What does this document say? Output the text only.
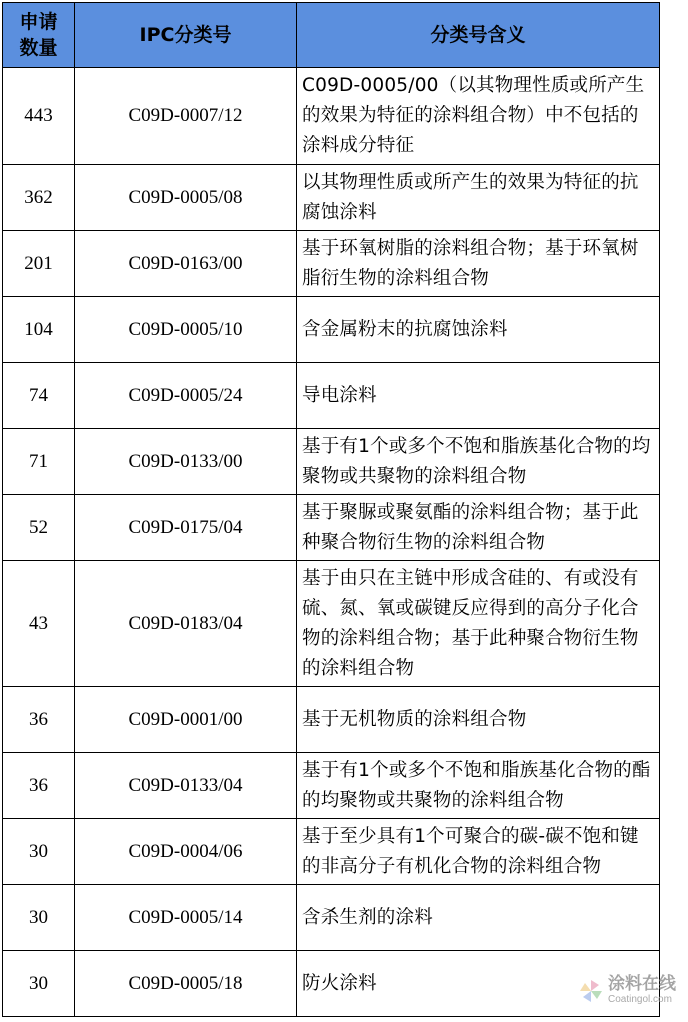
申请
数量	IPC分类号	分类号含义
443	C09D-0007/12	C09D-0005/00（以其物理性质或所产生的效果为特征的涂料组合物）中不包括的涂料成分特征
362	C09D-0005/08	以其物理性质或所产生的效果为特征的抗腐蚀涂料
201	C09D-0163/00	基于环氧树脂的涂料组合物；基于环氧树脂衍生物的涂料组合物
104	C09D-0005/10	含金属粉末的抗腐蚀涂料
74	C09D-0005/24	导电涂料
71	C09D-0133/00	基于有1个或多个不饱和脂族基化合物的均聚物或共聚物的涂料组合物
52	C09D-0175/04	基于聚脲或聚氨酯的涂料组合物；基于此种聚合物衍生物的涂料组合物
43	C09D-0183/04	基于由只在主链中形成含硅的、有或没有硫、氮、氧或碳键反应得到的高分子化合物的涂料组合物；基于此种聚合物衍生物的涂料组合物
36	C09D-0001/00	基于无机物质的涂料组合物
36	C09D-0133/04	基于有1个或多个不饱和脂族基化合物的酯的均聚物或共聚物的涂料组合物
30	C09D-0004/06	基于至少具有1个可聚合的碳-碳不饱和键的非高分子有机化合物的涂料组合物
30	C09D-0005/14	含杀生剂的涂料
30	C09D-0005/18	防火涂料	涂料在线
Coatingol.com
